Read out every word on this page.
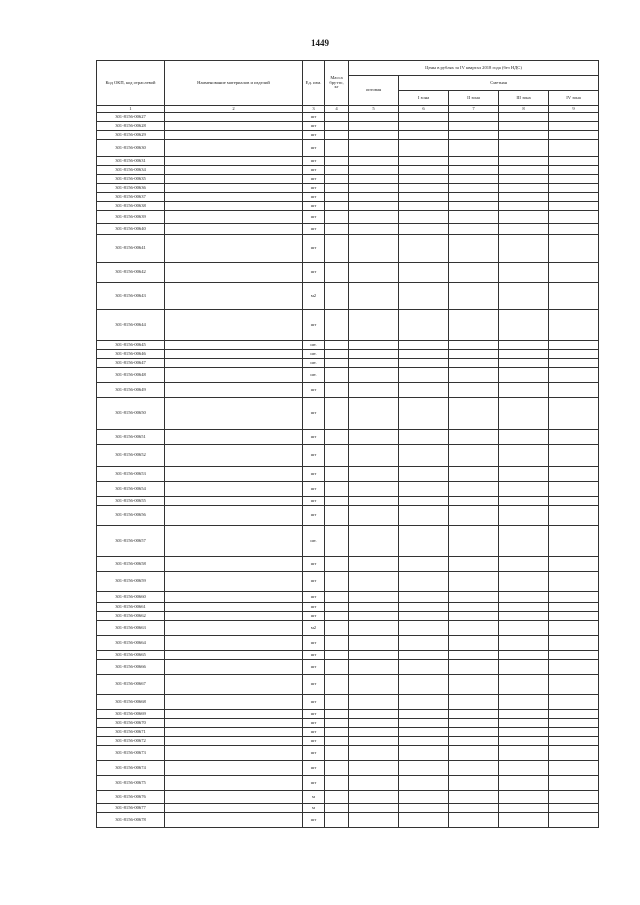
1449
Код ОКП, код отраслевой	Наименование материалов и изделий	Ед. изм.	Масса брутто, кг	Цены в рублях за IV квартал 2018 года (без НДС)				
				оптовая	Сметная			
					I зона	II зона	III зона	IV зона
1	2	3	4	5	6	7	8	9
301-8156-00627		шт						
301-8156-00628		шт						
301-8156-00629		шт						
301-8156-00630		шт						
301-8156-00631		шт						
301-8156-00634		шт						
301-8156-00635		шт						
301-8156-00636		шт						
301-8156-00637		шт						
301-8156-00638		шт						
301-8156-00639		шт						
301-8156-00640		шт						
301-8156-00641		шт						
301-8156-00642		шт						
301-8156-00643		м2						
301-8156-00644		шт						
301-8156-00645		шт.						
301-8156-00646		шт.						
301-8156-00647		шт.						
301-8156-00648		шт.						
301-8156-00649		шт						
301-8156-00650		шт						
301-8156-00651		шт						
301-8156-00652		шт						
301-8156-00653		шт						
301-8156-00654		шт						
301-8156-00655		шт						
301-8156-00656		шт						
301-8156-00657		шт.						
301-8156-00658		шт						
301-8156-00659		шт						
301-8156-00660		шт						
301-8156-00661		шт						
301-8156-00662		шт						
301-8156-00663		м2						
301-8156-00664		шт						
301-8156-00665		шт						
301-8156-00666		шт						
301-8156-00667		шт						
301-8156-00668		шт						
301-8156-00669		шт						
301-8156-00670		шт						
301-8156-00671		шт						
301-8156-00672		шт						
301-8156-00673		шт						
301-8156-00674		шт						
301-8156-00675		шт						
301-8156-00676		м						
301-8156-00677		м						
301-8156-00678		шт						
